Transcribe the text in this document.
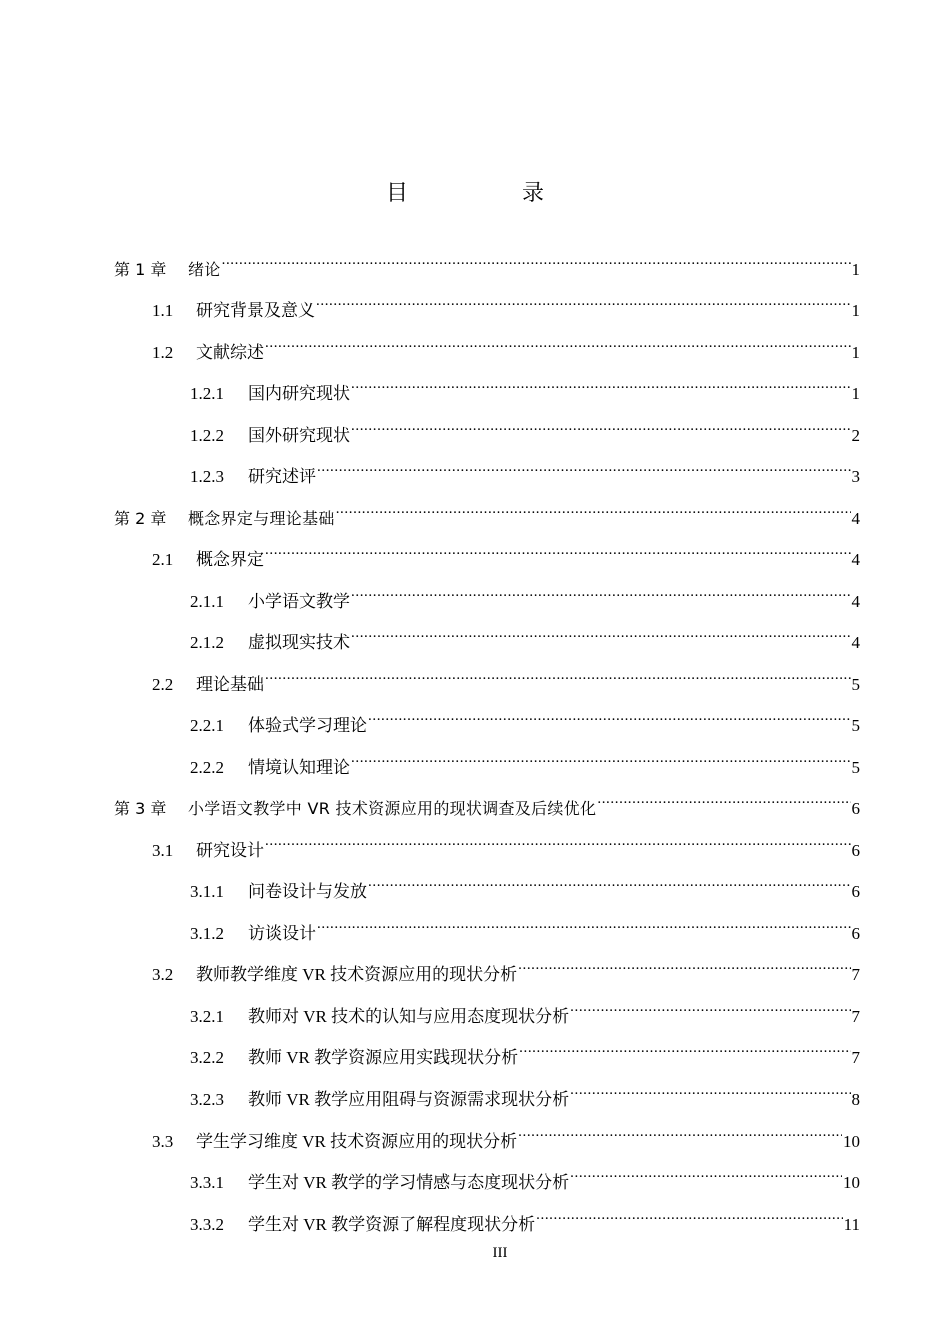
目　录
第 1 章	绪论 .....	1
1.1	研究背景及意义 .....	1
1.2	文献综述 .....	1
1.2.1	国内研究现状 .....	1
1.2.2	国外研究现状 .....	2
1.2.3	研究述评 .....	3
第 2 章	概念界定与理论基础 .....	4
2.1	概念界定 .....	4
2.1.1	小学语文教学 .....	4
2.1.2	虚拟现实技术 .....	4
2.2	理论基础 .....	5
2.2.1	体验式学习理论 .....	5
2.2.2	情境认知理论 .....	5
第 3 章	小学语文教学中 VR 技术资源应用的现状调查及后续优化 .....	6
3.1	研究设计 .....	6
3.1.1	问卷设计与发放 .....	6
3.1.2	访谈设计 .....	6
3.2	教师教学维度 VR 技术资源应用的现状分析 .....	7
3.2.1	教师对 VR 技术的认知与应用态度现状分析 .....	7
3.2.2	教师 VR 教学资源应用实践现状分析 .....	7
3.2.3	教师 VR 教学应用阻碍与资源需求现状分析 .....	8
3.3	学生学习维度 VR 技术资源应用的现状分析 .....	10
3.3.1	学生对 VR 教学的学习情感与态度现状分析 .....	10
3.3.2	学生对 VR 教学资源了解程度现状分析 .....	11
III
